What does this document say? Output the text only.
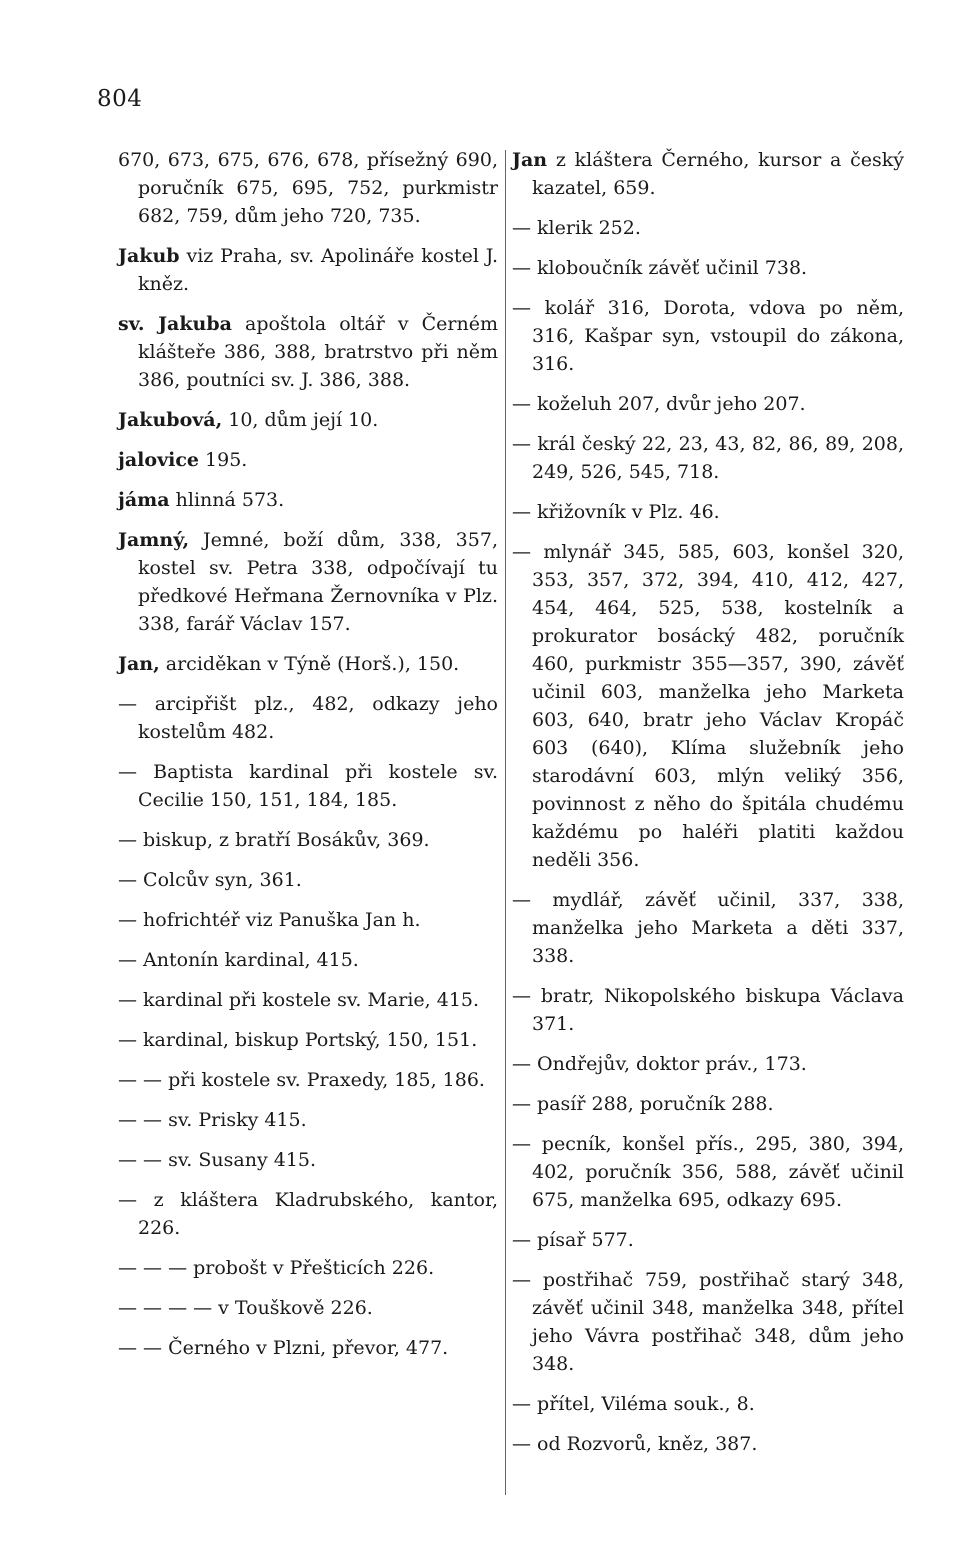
804

670, 673, 675, 676, 678, přísežný 690, poručník 675, 695, 752, purkmistr 682, 759, dům jeho 720, 735.

Jakub viz Praha, sv. Apolináře kostel J. kněz.

sv. Jakuba apoštola oltář v Černém klášteře 386, 388, bratrstvo při něm 386, poutníci sv. J. 386, 388.

Jakubová, 10, dům její 10.

jalovice 195.

jáma hlinná 573.

Jamný, Jemné, boží dům, 338, 357, kostel sv. Petra 338, odpočívají tu předkové Heřmana Žernovníka v Plz. 338, farář Václav 157.

Jan, arciděkan v Týně (Horš.), 150.

— arcipřišt plz., 482, odkazy jeho kostelům 482.

— Baptista kardinal při kostele sv. Cecilie 150, 151, 184, 185.

— biskup, z bratří Bosákův, 369.

— Colcův syn, 361.

— hofrichtéř viz Panuška Jan h.

— Antonín kardinal, 415.

— kardinal při kostele sv. Marie, 415.

— kardinal, biskup Portský, 150, 151.

— — při kostele sv. Praxedy, 185, 186.

— — sv. Prisky 415.

— — sv. Susany 415.

— z kláštera Kladrubského, kantor, 226.

— — — probošt v Přešticích 226.

— — — — v Touškově 226.

— — Černého v Plzni, převor, 477.

Jan z kláštera Černého, kursor a český kazatel, 659.

— klerik 252.

— kloboučník závěť učinil 738.

— kolář 316, Dorota, vdova po něm, 316, Kašpar syn, vstoupil do zákona, 316.

— koželuh 207, dvůr jeho 207.

— král český 22, 23, 43, 82, 86, 89, 208, 249, 526, 545, 718.

— křižovník v Plz. 46.

— mlynář 345, 585, 603, konšel 320, 353, 357, 372, 394, 410, 412, 427, 454, 464, 525, 538, kostelník a prokurator bosácký 482, poručník 460, purkmistr 355—357, 390, závěť učinil 603, manželka jeho Marketa 603, 640, bratr jeho Václav Kropáč 603 (640), Klíma služebník jeho starodávní 603, mlýn veliký 356, povinnost z něho do špitála chudému každému po haléři platiti každou neděli 356.

— mydlář, závěť učinil, 337, 338, manželka jeho Marketa a děti 337, 338.

— bratr, Nikopolského biskupa Václava 371.

— Ondřejův, doktor práv., 173.

— pasíř 288, poručník 288.

— pecník, konšel přís., 295, 380, 394, 402, poručník 356, 588, závěť učinil 675, manželka 695, odkazy 695.

— písař 577.

— postřihač 759, postřihač starý 348, závěť učinil 348, manželka 348, přítel jeho Vávra postřihač 348, dům jeho 348.

— přítel, Viléma souk., 8.

— od Rozvorů, kněz, 387.
